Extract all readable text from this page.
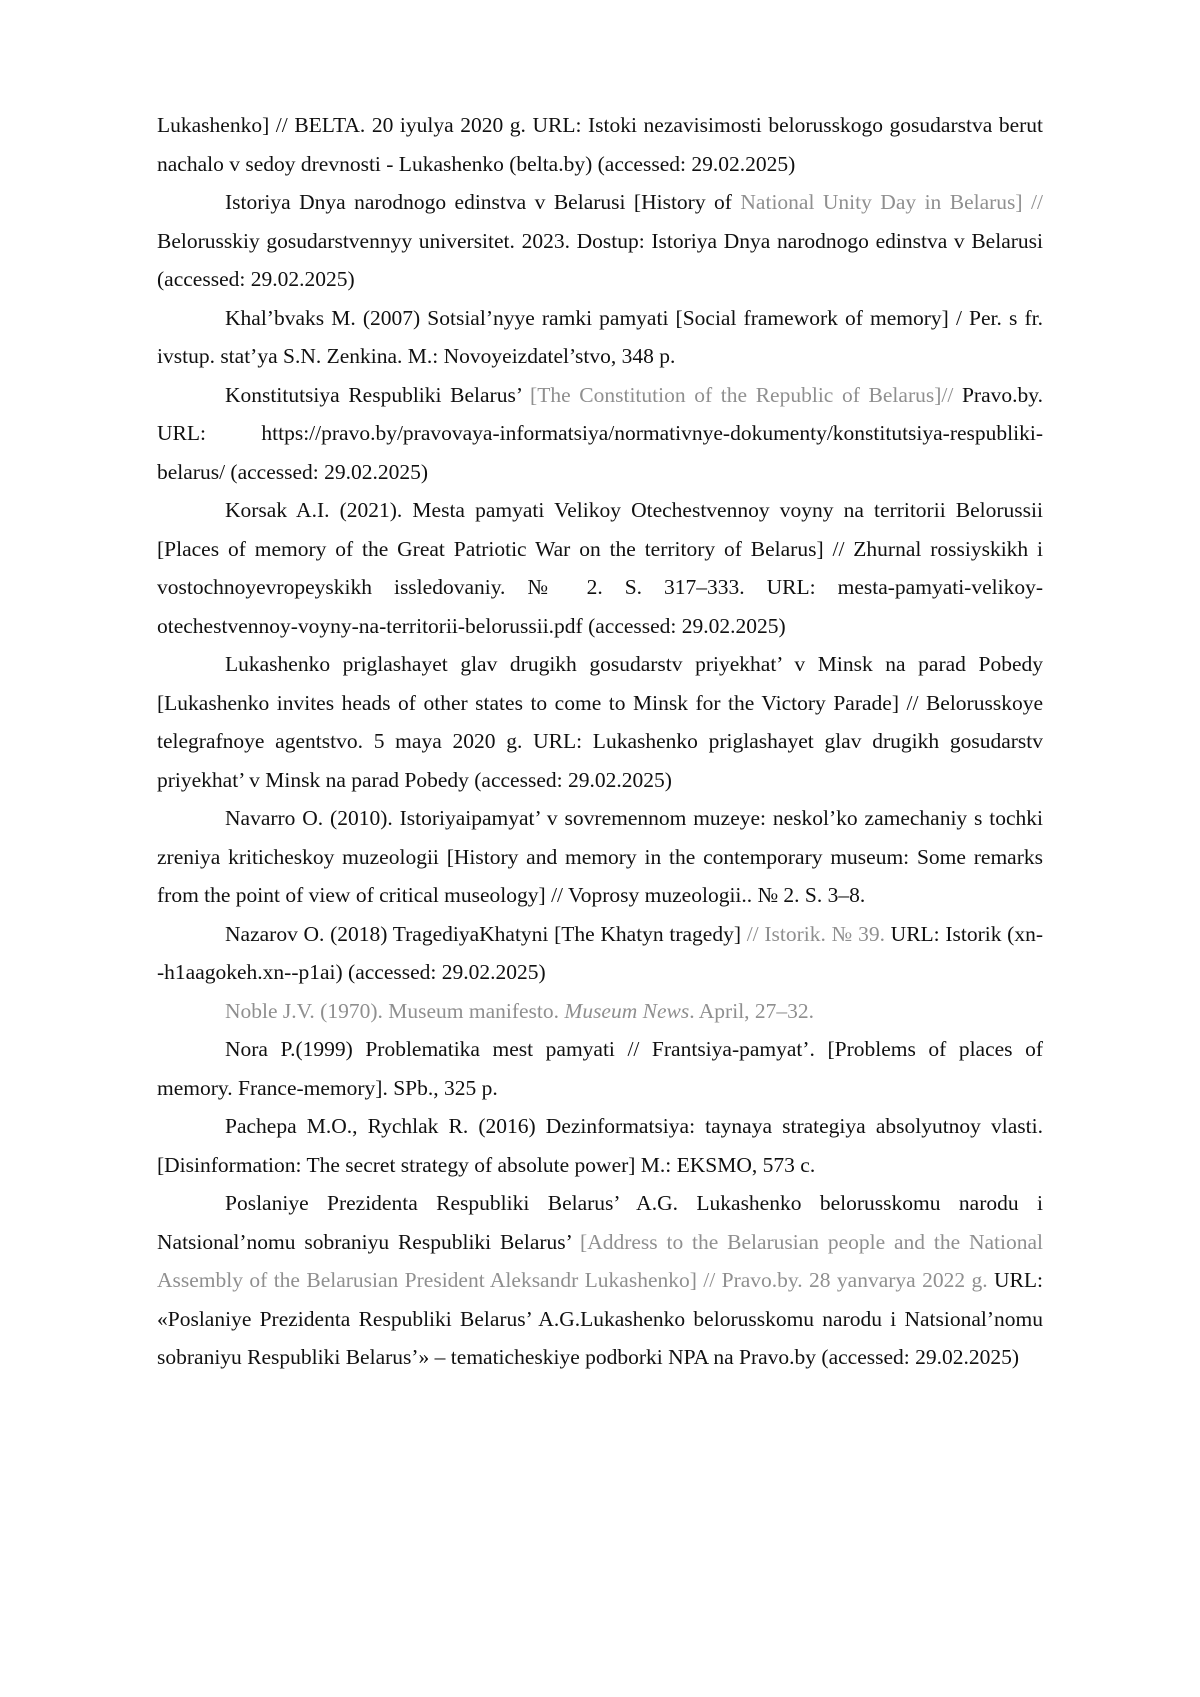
Lukashenko] // BELTA. 20 iyulya 2020 g. URL: Istoki nezavisimosti belorusskogo gosudarstva berut nachalo v sedoy drevnosti - Lukashenko (belta.by) (accessed: 29.02.2025)

Istoriya Dnya narodnogo edinstva v Belarusi [History of National Unity Day in Belarus] // Belorusskiy gosudarstvennyy universitet. 2023. Dostup: Istoriya Dnya narodnogo edinstva v Belarusi (accessed: 29.02.2025)

Khal’bvaks M. (2007) Sotsial’nyye ramki pamyati [Social framework of memory] / Per. s fr. ivstup. stat’ya S.N. Zenkina. M.: Novoyeizdatel’stvo, 348 p.

Konstitutsiya Respubliki Belarus’ [The Constitution of the Republic of Belarus]// Pravo.by. URL: https://pravo.by/pravovaya-informatsiya/normativnye-dokumenty/konstitutsiya-respubliki-belarus/ (accessed: 29.02.2025)

Korsak A.I. (2021). Mesta pamyati Velikoy Otechestvennoy voyny na territorii Belorussii [Places of memory of the Great Patriotic War on the territory of Belarus] // Zhurnal rossiyskikh i vostochnoyevropeyskikh issledovaniy. № 2. S. 317–333. URL: mesta-pamyati-velikoy-otechestvennoy-voyny-na-territorii-belorussii.pdf (accessed: 29.02.2025)

Lukashenko priglashayet glav drugikh gosudarstv priyekhat’ v Minsk na parad Pobedy [Lukashenko invites heads of other states to come to Minsk for the Victory Parade] // Belorusskoye telegrafnoye agentstvo. 5 maya 2020 g. URL: Lukashenko priglashayet glav drugikh gosudarstv priyekhat’ v Minsk na parad Pobedy (accessed: 29.02.2025)

Navarro O. (2010). Istoriyaipamyat’ v sovremennom muzeye: neskol’ko zamechaniy s tochki zreniya kriticheskoy muzeologii [History and memory in the contemporary museum: Some remarks from the point of view of critical museology] // Voprosy muzeologii.. № 2. S. 3–8.

Nazarov O. (2018) TragediyaKhatyni [The Khatyn tragedy] // Istorik. № 39. URL: Istorik (xn--h1aagokeh.xn--p1ai) (accessed: 29.02.2025)

Noble J.V. (1970). Museum manifesto. Museum News. April, 27–32.

Nora P.(1999) Problematika mest pamyati // Frantsiya-pamyat’. [Problems of places of memory. France-memory]. SPb., 325 p.

Pachepa M.O., Rychlak R. (2016) Dezinformatsiya: taynaya strategiya absolyutnoy vlasti. [Disinformation: The secret strategy of absolute power] M.: EKSMO, 573 c.

Poslaniye Prezidenta Respubliki Belarus’ A.G. Lukashenko belorusskomu narodu i Natsional’nomu sobraniyu Respubliki Belarus’ [Address to the Belarusian people and the National Assembly of the Belarusian President Aleksandr Lukashenko] // Pravo.by. 28 yanvarya 2022 g. URL: «Poslaniye Prezidenta Respubliki Belarus’ A.G.Lukashenko belorusskomu narodu i Natsional’nomu sobraniyu Respubliki Belarus’» – tematicheskiye podborki NPA na Pravo.by (accessed: 29.02.2025)
